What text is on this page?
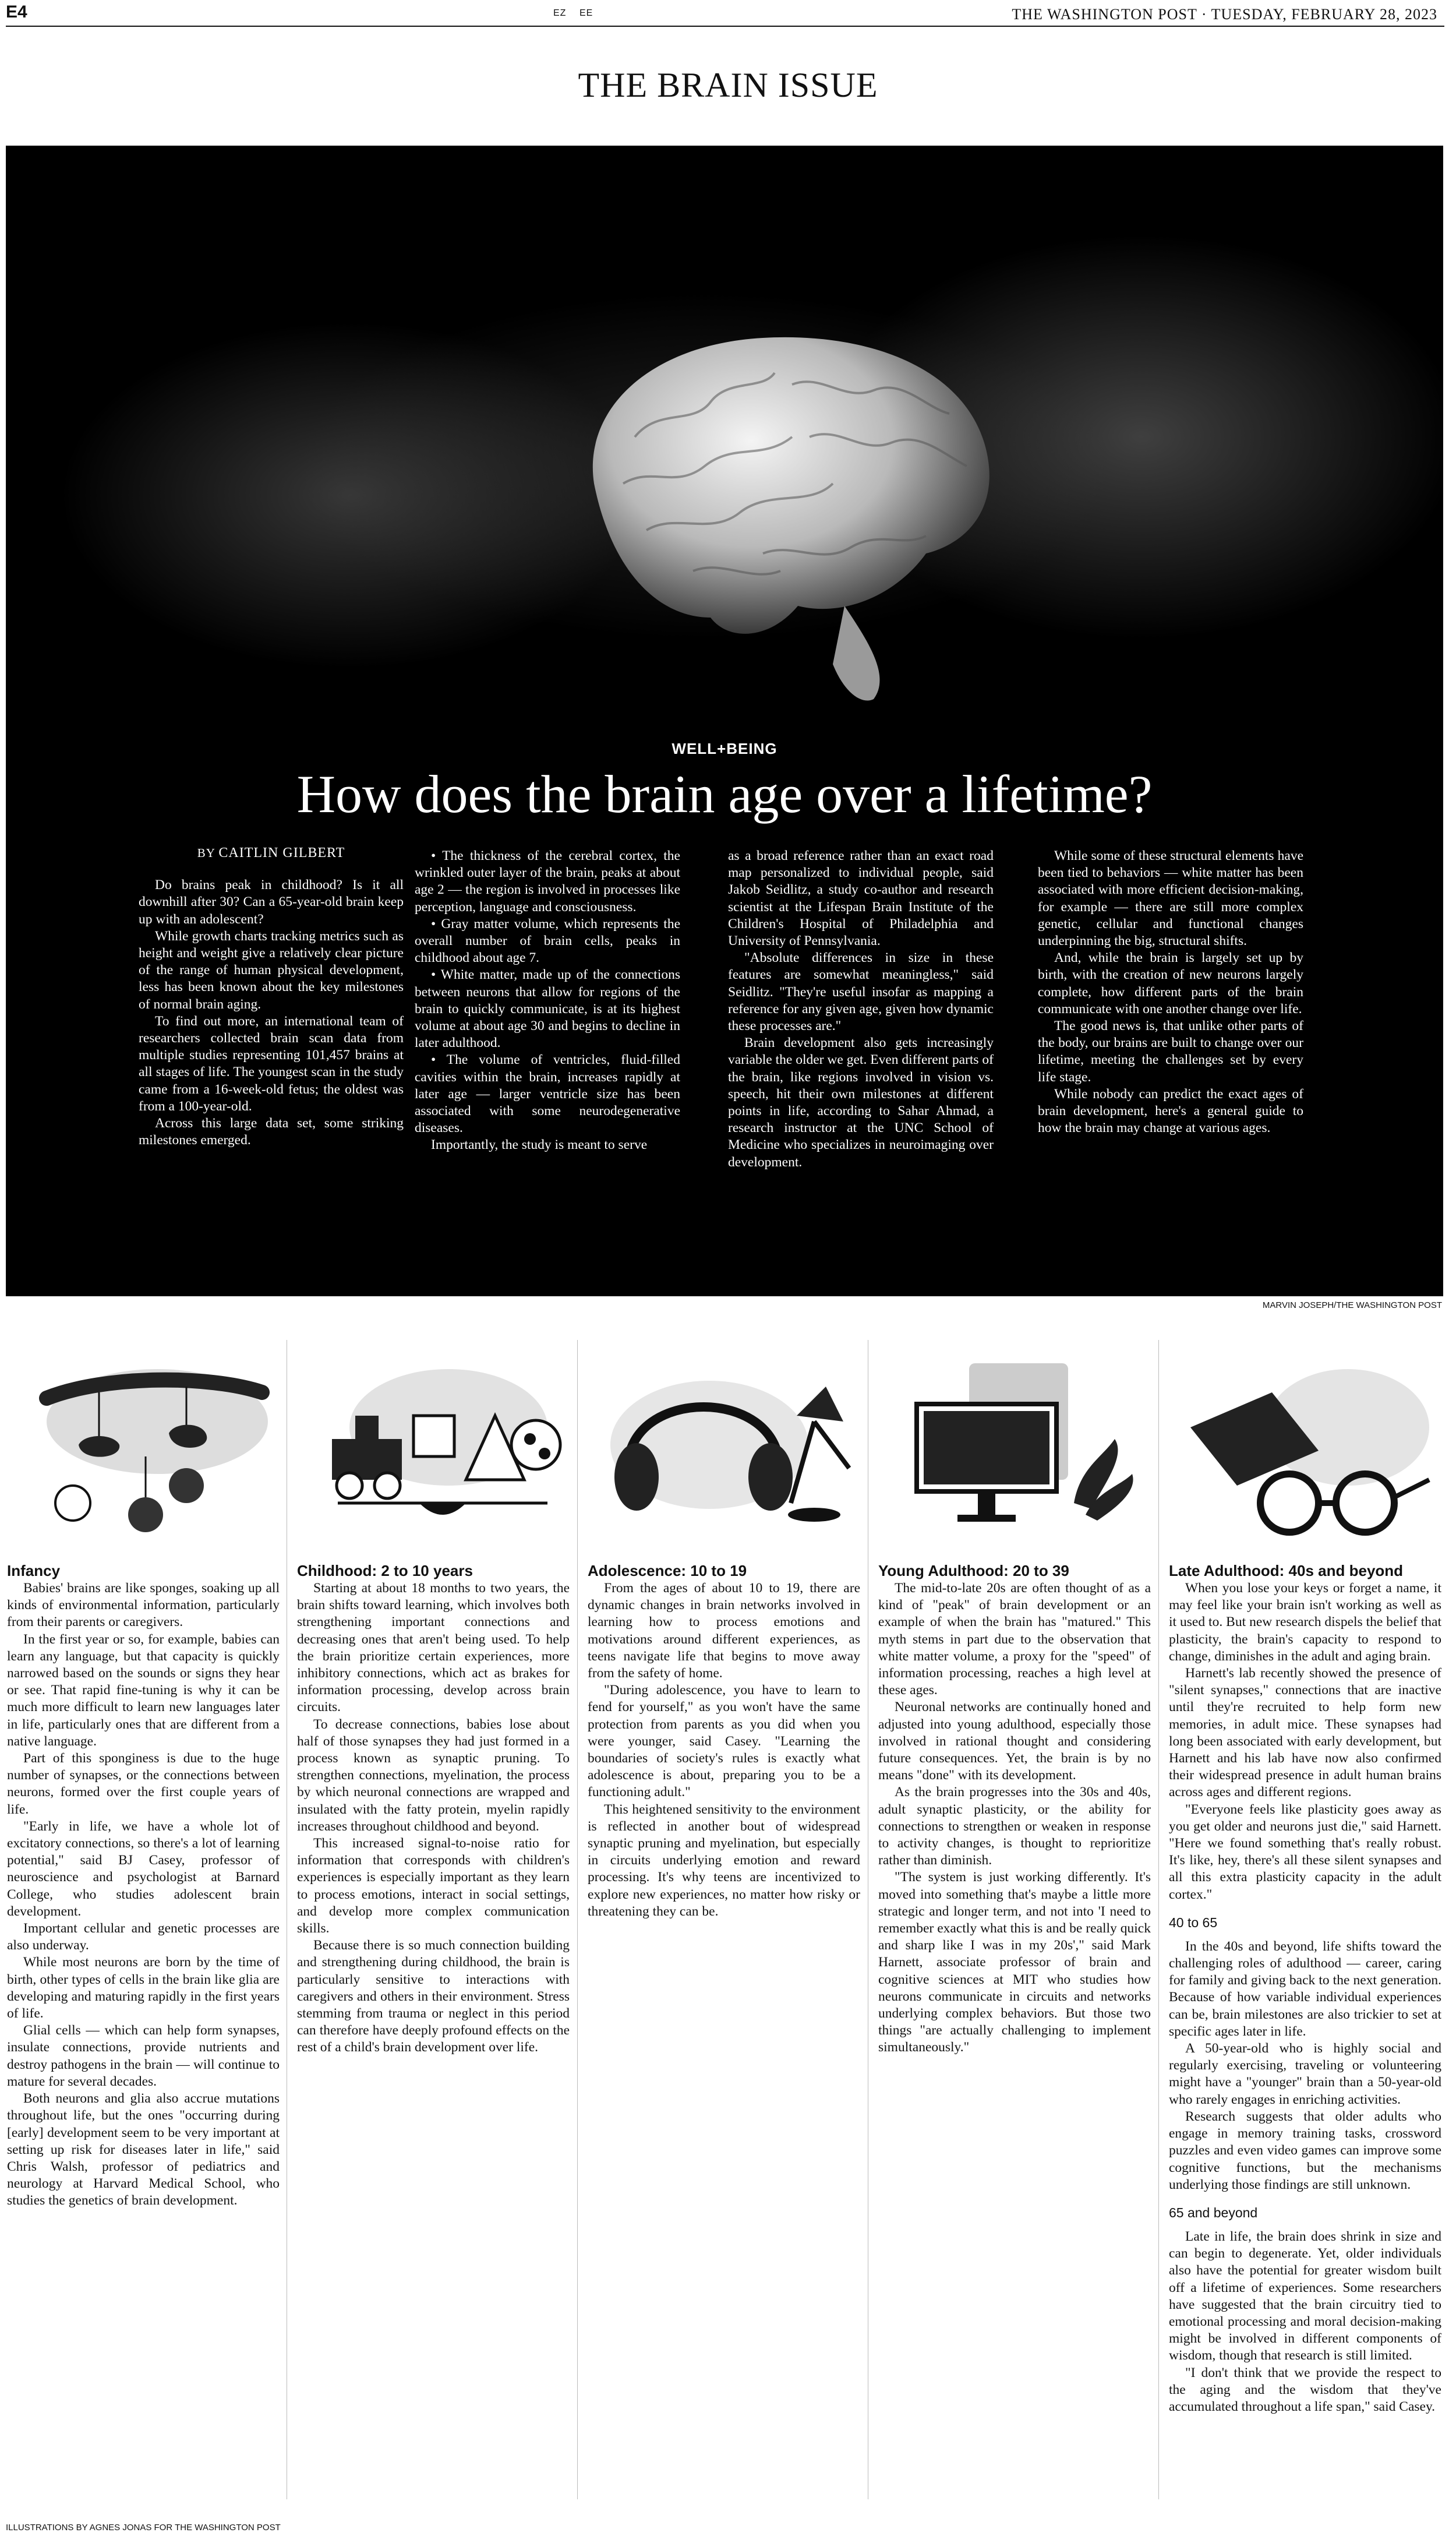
E4	EZ EE	THE WASHINGTON POST · TUESDAY, FEBRUARY 28, 2023
THE BRAIN ISSUE
WELL+BEING
How does the brain age over a lifetime?
BY CAITLIN GILBERT

Do brains peak in childhood? Is it all downhill after 30? Can a 65-year-old brain keep up with an adolescent?

While growth charts tracking metrics such as height and weight give a relatively clear picture of the range of human physical development, less has been known about the key milestones of normal brain aging.

To find out more, an international team of researchers collected brain scan data from multiple studies representing 101,457 brains at all stages of life. The youngest scan in the study came from a 16-week-old fetus; the oldest was from a 100-year-old.

Across this large data set, some striking milestones emerged.

• The thickness of the cerebral cortex, the wrinkled outer layer of the brain, peaks at about age 2 — the region is involved in processes like perception, language and consciousness.

• Gray matter volume, which represents the overall number of brain cells, peaks in childhood about age 7.

• White matter, made up of the connections between neurons that allow for regions of the brain to quickly communicate, is at its highest volume at about age 30 and begins to decline in later adulthood.

• The volume of ventricles, fluid-filled cavities within the brain, increases rapidly at later age — larger ventricle size has been associated with some neurodegenerative diseases.

Importantly, the study is meant to serve

as a broad reference rather than an exact road map personalized to individual people, said Jakob Seidlitz, a study co-author and research scientist at the Lifespan Brain Institute of the Children's Hospital of Philadelphia and University of Pennsylvania.

"Absolute differences in size in these features are somewhat meaningless," said Seidlitz. "They're useful insofar as mapping a reference for any given age, given how dynamic these processes are."

Brain development also gets increasingly variable the older we get. Even different parts of the brain, like regions involved in vision vs. speech, hit their own milestones at different points in life, according to Sahar Ahmad, a research instructor at the UNC School of Medicine who specializes in neuroimaging over development.

While some of these structural elements have been tied to behaviors — white matter has been associated with more efficient decision-making, for example — there are still more complex genetic, cellular and functional changes underpinning the big, structural shifts.

And, while the brain is largely set up by birth, with the creation of new neurons largely complete, how different parts of the brain communicate with one another change over life.

The good news is, that unlike other parts of the body, our brains are built to change over our lifetime, meeting the challenges set by every life stage.

While nobody can predict the exact ages of brain development, here's a general guide to how the brain may change at various ages.

MARVIN JOSEPH/THE WASHINGTON POST
Infancy

Babies' brains are like sponges, soaking up all kinds of environmental information, particularly from their parents or caregivers.

In the first year or so, for example, babies can learn any language, but that capacity is quickly narrowed based on the sounds or signs they hear or see. That rapid fine-tuning is why it can be much more difficult to learn new languages later in life, particularly ones that are different from a native language.

Part of this sponginess is due to the huge number of synapses, or the connections between neurons, formed over the first couple years of life.

"Early in life, we have a whole lot of excitatory connections, so there's a lot of learning potential," said BJ Casey, professor of neuroscience and psychologist at Barnard College, who studies adolescent brain development.

Important cellular and genetic processes are also underway.

While most neurons are born by the time of birth, other types of cells in the brain like glia are developing and maturing rapidly in the first years of life.

Glial cells — which can help form synapses, insulate connections, provide nutrients and destroy pathogens in the brain — will continue to mature for several decades.

Both neurons and glia also accrue mutations throughout life, but the ones "occurring during [early] development seem to be very important at setting up risk for diseases later in life," said Chris Walsh, professor of pediatrics and neurology at Harvard Medical School, who studies the genetics of brain development.

Childhood: 2 to 10 years

Starting at about 18 months to two years, the brain shifts toward learning, which involves both strengthening important connections and decreasing ones that aren't being used. To help the brain prioritize certain experiences, more inhibitory connections, which act as brakes for information processing, develop across brain circuits.

To decrease connections, babies lose about half of those synapses they had just formed in a process known as synaptic pruning. To strengthen connections, myelination, the process by which neuronal connections are wrapped and insulated with the fatty protein, myelin rapidly increases throughout childhood and beyond.

This increased signal-to-noise ratio for information that corresponds with children's experiences is especially important as they learn to process emotions, interact in social settings, and develop more complex communication skills.

Because there is so much connection building and strengthening during childhood, the brain is particularly sensitive to interactions with caregivers and others in their environment. Stress stemming from trauma or neglect in this period can therefore have deeply profound effects on the rest of a child's brain development over life.

Adolescence: 10 to 19

From the ages of about 10 to 19, there are dynamic changes in brain networks involved in learning how to process emotions and motivations around different experiences, as teens navigate life that begins to move away from the safety of home.

"During adolescence, you have to learn to fend for yourself," as you won't have the same protection from parents as you did when you were younger, said Casey. "Learning the boundaries of society's rules is exactly what adolescence is about, preparing you to be a functioning adult."

This heightened sensitivity to the environment is reflected in another bout of widespread synaptic pruning and myelination, but especially in circuits underlying emotion and reward processing. It's why teens are incentivized to explore new experiences, no matter how risky or threatening they can be.

Young Adulthood: 20 to 39

The mid-to-late 20s are often thought of as a kind of "peak" of brain development or an example of when the brain has "matured." This myth stems in part due to the observation that white matter volume, a proxy for the "speed" of information processing, reaches a high level at these ages.

Neuronal networks are continually honed and adjusted into young adulthood, especially those involved in rational thought and considering future consequences. Yet, the brain is by no means "done" with its development.

As the brain progresses into the 30s and 40s, adult synaptic plasticity, or the ability for connections to strengthen or weaken in response to activity changes, is thought to reprioritize rather than diminish.

"The system is just working differently. It's moved into something that's maybe a little more strategic and longer term, and not into 'I need to remember exactly what this is and be really quick and sharp like I was in my 20s'," said Mark Harnett, associate professor of brain and cognitive sciences at MIT who studies how neurons communicate in circuits and networks underlying complex behaviors. But those two things "are actually challenging to implement simultaneously."

Late Adulthood: 40s and beyond

When you lose your keys or forget a name, it may feel like your brain isn't working as well as it used to. But new research dispels the belief that plasticity, the brain's capacity to respond to change, diminishes in the adult and aging brain.

Harnett's lab recently showed the presence of "silent synapses," connections that are inactive until they're recruited to help form new memories, in adult mice. These synapses had long been associated with early development, but Harnett and his lab have now also confirmed their widespread presence in adult human brains across ages and different regions.

"Everyone feels like plasticity goes away as you get older and neurons just die," said Harnett. "Here we found something that's really robust. It's like, hey, there's all these silent synapses and all this extra plasticity capacity in the adult cortex."

40 to 65

In the 40s and beyond, life shifts toward the challenging roles of adulthood — career, caring for family and giving back to the next generation. Because of how variable individual experiences can be, brain milestones are also trickier to set at specific ages later in life.

A 50-year-old who is highly social and regularly exercising, traveling or volunteering might have a "younger" brain than a 50-year-old who rarely engages in enriching activities.

Research suggests that older adults who engage in memory training tasks, crossword puzzles and even video games can improve some cognitive functions, but the mechanisms underlying those findings are still unknown.

65 and beyond

Late in life, the brain does shrink in size and can begin to degenerate. Yet, older individuals also have the potential for greater wisdom built off a lifetime of experiences. Some researchers have suggested that the brain circuitry tied to emotional processing and moral decision-making might be involved in different components of wisdom, though that research is still limited.

"I don't think that we provide the respect to the aging and the wisdom that they've accumulated throughout a life span," said Casey.

ILLUSTRATIONS BY AGNES JONAS FOR THE WASHINGTON POST
